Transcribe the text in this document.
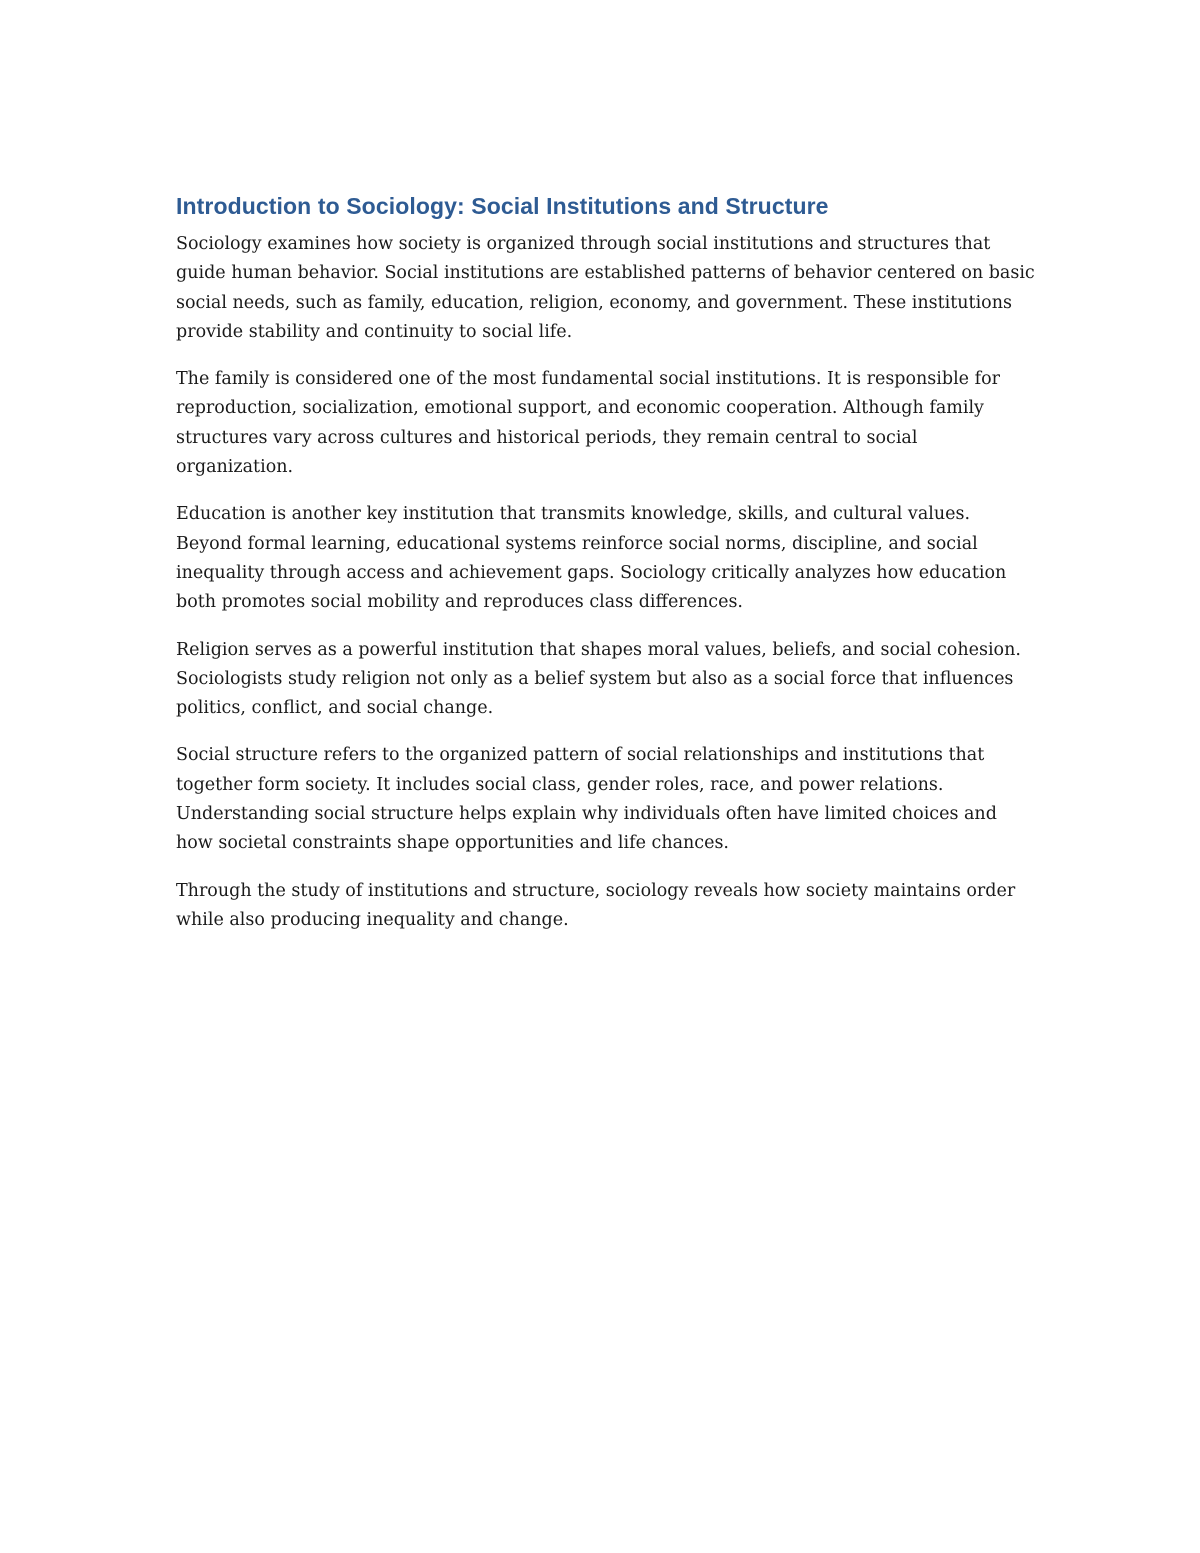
Introduction to Sociology: Social Institutions and Structure

Sociology examines how society is organized through social institutions and structures that guide human behavior. Social institutions are established patterns of behavior centered on basic social needs, such as family, education, religion, economy, and government. These institutions provide stability and continuity to social life.

The family is considered one of the most fundamental social institutions. It is responsible for reproduction, socialization, emotional support, and economic cooperation. Although family structures vary across cultures and historical periods, they remain central to social organization.

Education is another key institution that transmits knowledge, skills, and cultural values. Beyond formal learning, educational systems reinforce social norms, discipline, and social inequality through access and achievement gaps. Sociology critically analyzes how education both promotes social mobility and reproduces class differences.

Religion serves as a powerful institution that shapes moral values, beliefs, and social cohesion. Sociologists study religion not only as a belief system but also as a social force that influences politics, conflict, and social change.

Social structure refers to the organized pattern of social relationships and institutions that together form society. It includes social class, gender roles, race, and power relations. Understanding social structure helps explain why individuals often have limited choices and how societal constraints shape opportunities and life chances.

Through the study of institutions and structure, sociology reveals how society maintains order while also producing inequality and change.
